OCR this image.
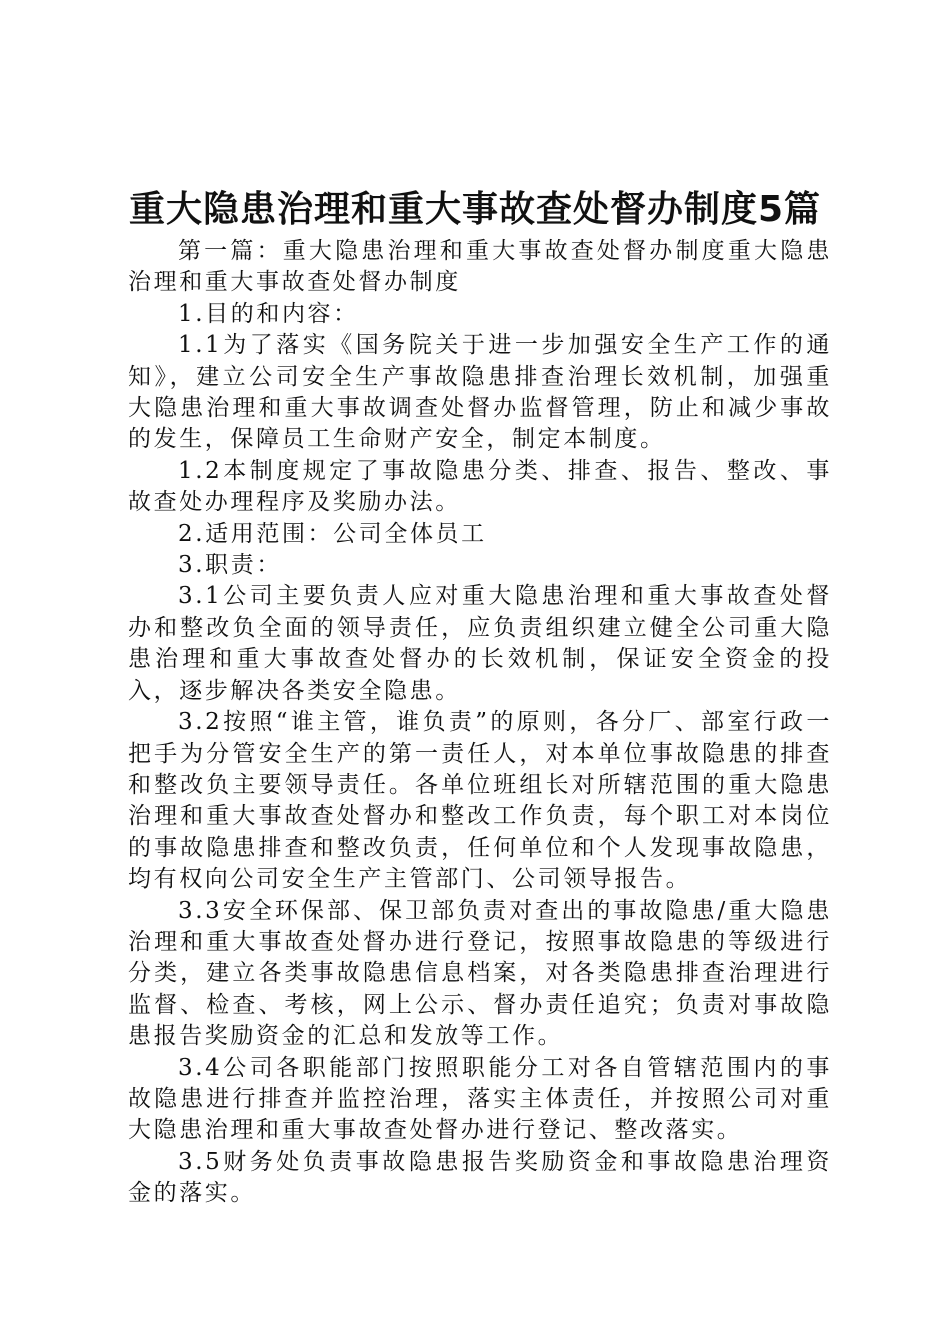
重大隐患治理和重大事故查处督办制度5篇

第一篇：重大隐患治理和重大事故查处督办制度重大隐患治理和重大事故查处督办制度

1.目的和内容：

1.1为了落实《国务院关于进一步加强安全生产工作的通知》，建立公司安全生产事故隐患排查治理长效机制，加强重大隐患治理和重大事故调查处督办监督管理，防止和减少事故的发生，保障员工生命财产安全，制定本制度。

1.2本制度规定了事故隐患分类、排查、报告、整改、事故查处办理程序及奖励办法。

2.适用范围：公司全体员工

3.职责：

3.1公司主要负责人应对重大隐患治理和重大事故查处督办和整改负全面的领导责任，应负责组织建立健全公司重大隐患治理和重大事故查处督办的长效机制，保证安全资金的投入，逐步解决各类安全隐患。

3.2按照“谁主管，谁负责”的原则，各分厂、部室行政一把手为分管安全生产的第一责任人，对本单位事故隐患的排查和整改负主要领导责任。各单位班组长对所辖范围的重大隐患治理和重大事故查处督办和整改工作负责，每个职工对本岗位的事故隐患排查和整改负责，任何单位和个人发现事故隐患，均有权向公司安全生产主管部门、公司领导报告。

3.3安全环保部、保卫部负责对查出的事故隐患/重大隐患治理和重大事故查处督办进行登记，按照事故隐患的等级进行分类，建立各类事故隐患信息档案，对各类隐患排查治理进行监督、检查、考核，网上公示、督办责任追究；负责对事故隐患报告奖励资金的汇总和发放等工作。

3.4公司各职能部门按照职能分工对各自管辖范围内的事故隐患进行排查并监控治理，落实主体责任，并按照公司对重大隐患治理和重大事故查处督办进行登记、整改落实。

3.5财务处负责事故隐患报告奖励资金和事故隐患治理资金的落实。
